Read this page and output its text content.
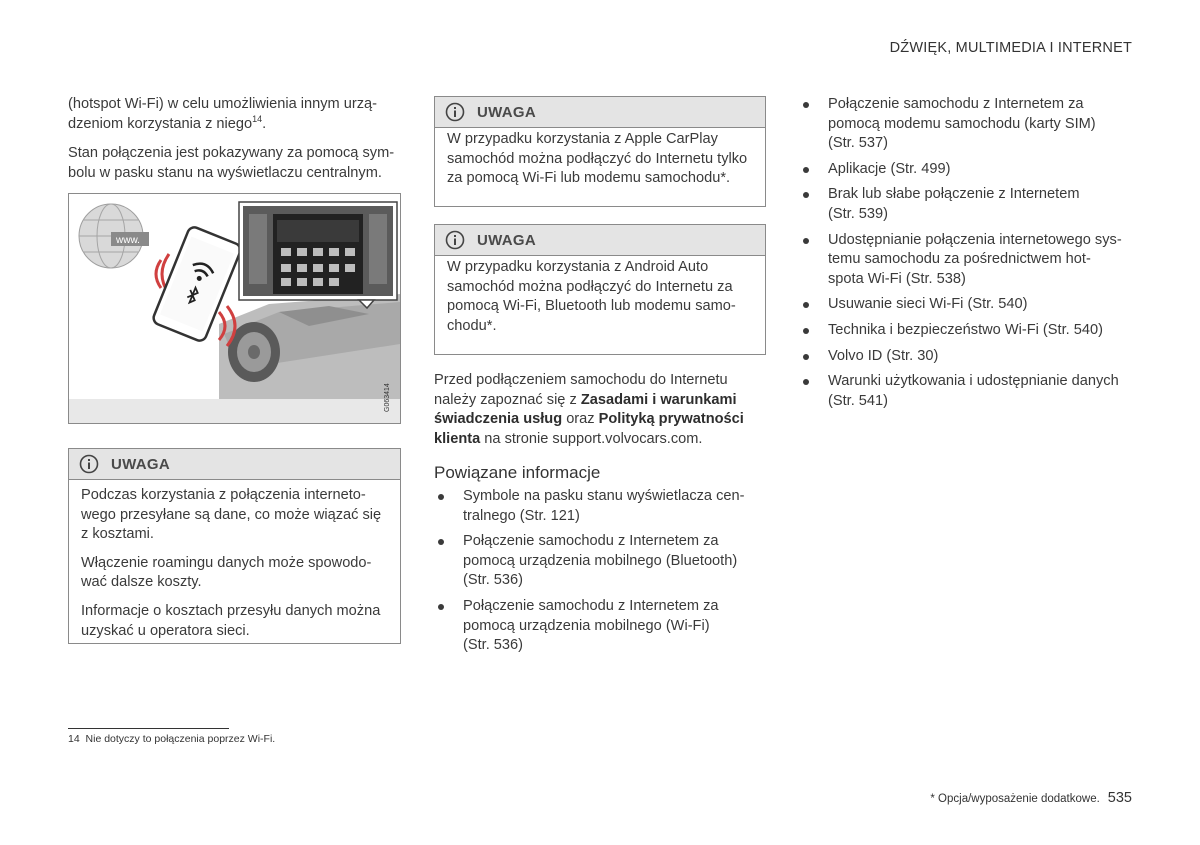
DŹWIĘK, MULTIMEDIA I INTERNET

(hotspot Wi-Fi) w celu umożliwienia innym urzą-
dzeniom korzystania z niego$^{14}$.

Stan połączenia jest pokazywany za pomocą sym-
bolu w pasku stanu na wyświetlaczu centralnym.

www.
G063414
UWAGA

Podczas korzystania z połączenia interneto-
wego przesyłane są dane, co może wiązać się
z kosztami.

Włączenie roamingu danych może spowodo-
wać dalsze koszty.

Informacje o kosztach przesyłu danych można
uzyskać u operatora sieci.

UWAGA
W przypadku korzystania z Apple CarPlay
samochód można podłączyć do Internetu tylko
za pomocą Wi-Fi lub modemu samochodu*.
UWAGA
W przypadku korzystania z Android Auto
samochód można podłączyć do Internetu za
pomocą Wi-Fi, Bluetooth lub modemu samo-
chodu*.

Przed podłączeniem samochodu do Internetu
należy zapoznać się z Zasadami i warunkami
świadczenia usług oraz Polityką prywatności
klienta na stronie support.volvocars.com.

Powiązane informacje
Symbole na pasku stanu wyświetlacza cen-
tralnego (Str. 121)
Połączenie samochodu z Internetem za
pomocą urządzenia mobilnego (Bluetooth)
(Str. 536)
Połączenie samochodu z Internetem za
pomocą urządzenia mobilnego (Wi-Fi)
(Str. 536)
Połączenie samochodu z Internetem za
pomocą modemu samochodu (karty SIM)
(Str. 537)
Aplikacje (Str. 499)
Brak lub słabe połączenie z Internetem
(Str. 539)
Udostępnianie połączenia internetowego sys-
temu samochodu za pośrednictwem hot-
spota Wi-Fi (Str. 538)
Usuwanie sieci Wi-Fi (Str. 540)
Technika i bezpieczeństwo Wi-Fi (Str. 540)
Volvo ID (Str. 30)
Warunki użytkowania i udostępnianie danych
(Str. 541)
14 Nie dotyczy to połączenia poprzez Wi-Fi.
* Opcja/wyposażenie dodatkowe. 535
